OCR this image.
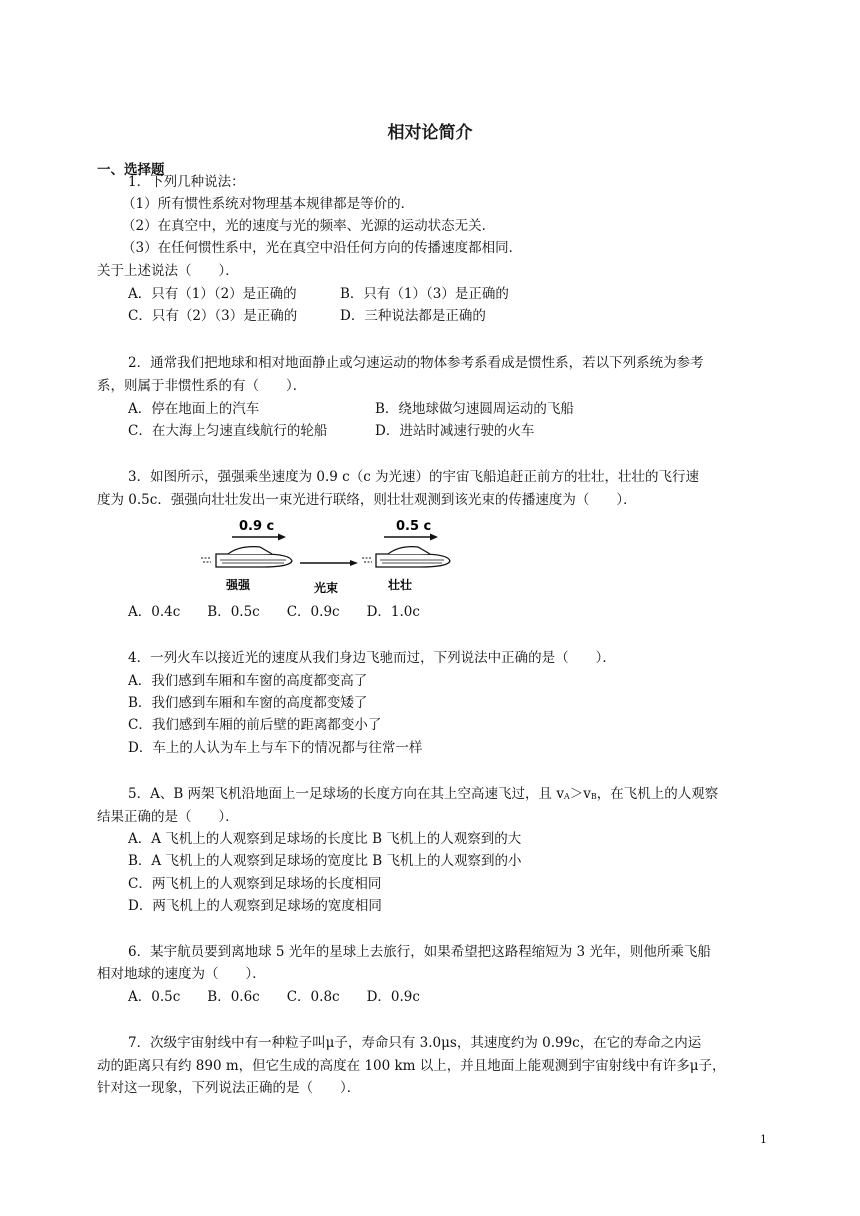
相对论简介
一、选择题
1．下列几种说法：
（1）所有惯性系统对物理基本规律都是等价的．
（2）在真空中，光的速度与光的频率、光源的运动状态无关．
（3）在任何惯性系中，光在真空中沿任何方向的传播速度都相同．
关于上述说法（　　）．
A．只有（1）（2）是正确的	B．只有（1）（3）是正确的
C．只有（2）（3）是正确的	D．三种说法都是正确的
2．通常我们把地球和相对地面静止或匀速运动的物体参考系看成是惯性系，若以下列系统为参考
系，则属于非惯性系的有（　　）．
A．停在地面上的汽车	B．绕地球做匀速圆周运动的飞船
C．在大海上匀速直线航行的轮船	D．进站时减速行驶的火车
3．如图所示，强强乘坐速度为 0.9 c（c 为光速）的宇宙飞船追赶正前方的壮壮，壮壮的飞行速
度为 0.5c．强强向壮壮发出一束光进行联络，则壮壮观测到该光束的传播速度为（　　）．
0.9 c	0.5 c
强强	光束	壮壮
A．0.4c　　B．0.5c　　C．0.9c　　D．1.0c
4．一列火车以接近光的速度从我们身边飞驰而过，下列说法中正确的是（　　）．
A．我们感到车厢和车窗的高度都变高了
B．我们感到车厢和车窗的高度都变矮了
C．我们感到车厢的前后壁的距离都变小了
D．车上的人认为车上与车下的情况都与往常一样
5．A、B 两架飞机沿地面上一足球场的长度方向在其上空高速飞过，且 vA＞vB，在飞机上的人观察
结果正确的是（　　）．
A．A 飞机上的人观察到足球场的长度比 B 飞机上的人观察到的大
B．A 飞机上的人观察到足球场的宽度比 B 飞机上的人观察到的小
C．两飞机上的人观察到足球场的长度相同
D．两飞机上的人观察到足球场的宽度相同
6．某宇航员要到离地球 5 光年的星球上去旅行，如果希望把这路程缩短为 3 光年，则他所乘飞船
相对地球的速度为（　　）．
A．0.5c　　B．0.6c　　C．0.8c　　D．0.9c
7．次级宇宙射线中有一种粒子叫μ子，寿命只有 3.0μs，其速度约为 0.99c，在它的寿命之内运
动的距离只有约 890 m，但它生成的高度在 100 km 以上，并且地面上能观测到宇宙射线中有许多μ子，
针对这一现象，下列说法正确的是（　　）．
1
